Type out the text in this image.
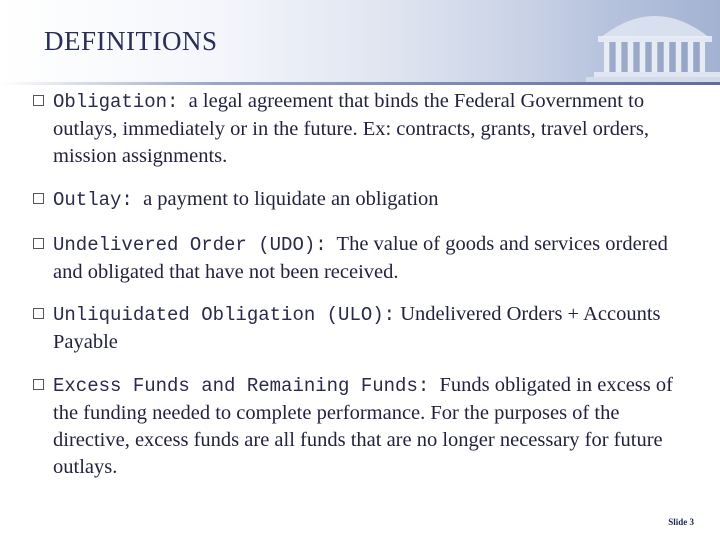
DEFINITIONS
Obligation: a legal agreement that binds the Federal Government to outlays, immediately or in the future. Ex: contracts, grants, travel orders, mission assignments.
Outlay: a payment to liquidate an obligation
Undelivered Order (UDO): The value of goods and services ordered and obligated that have not been received.
Unliquidated Obligation (ULO): Undelivered Orders + Accounts Payable
Excess Funds and Remaining Funds: Funds obligated in excess of the funding needed to complete performance. For the purposes of the directive, excess funds are all funds that are no longer necessary for future outlays.
Slide 3
